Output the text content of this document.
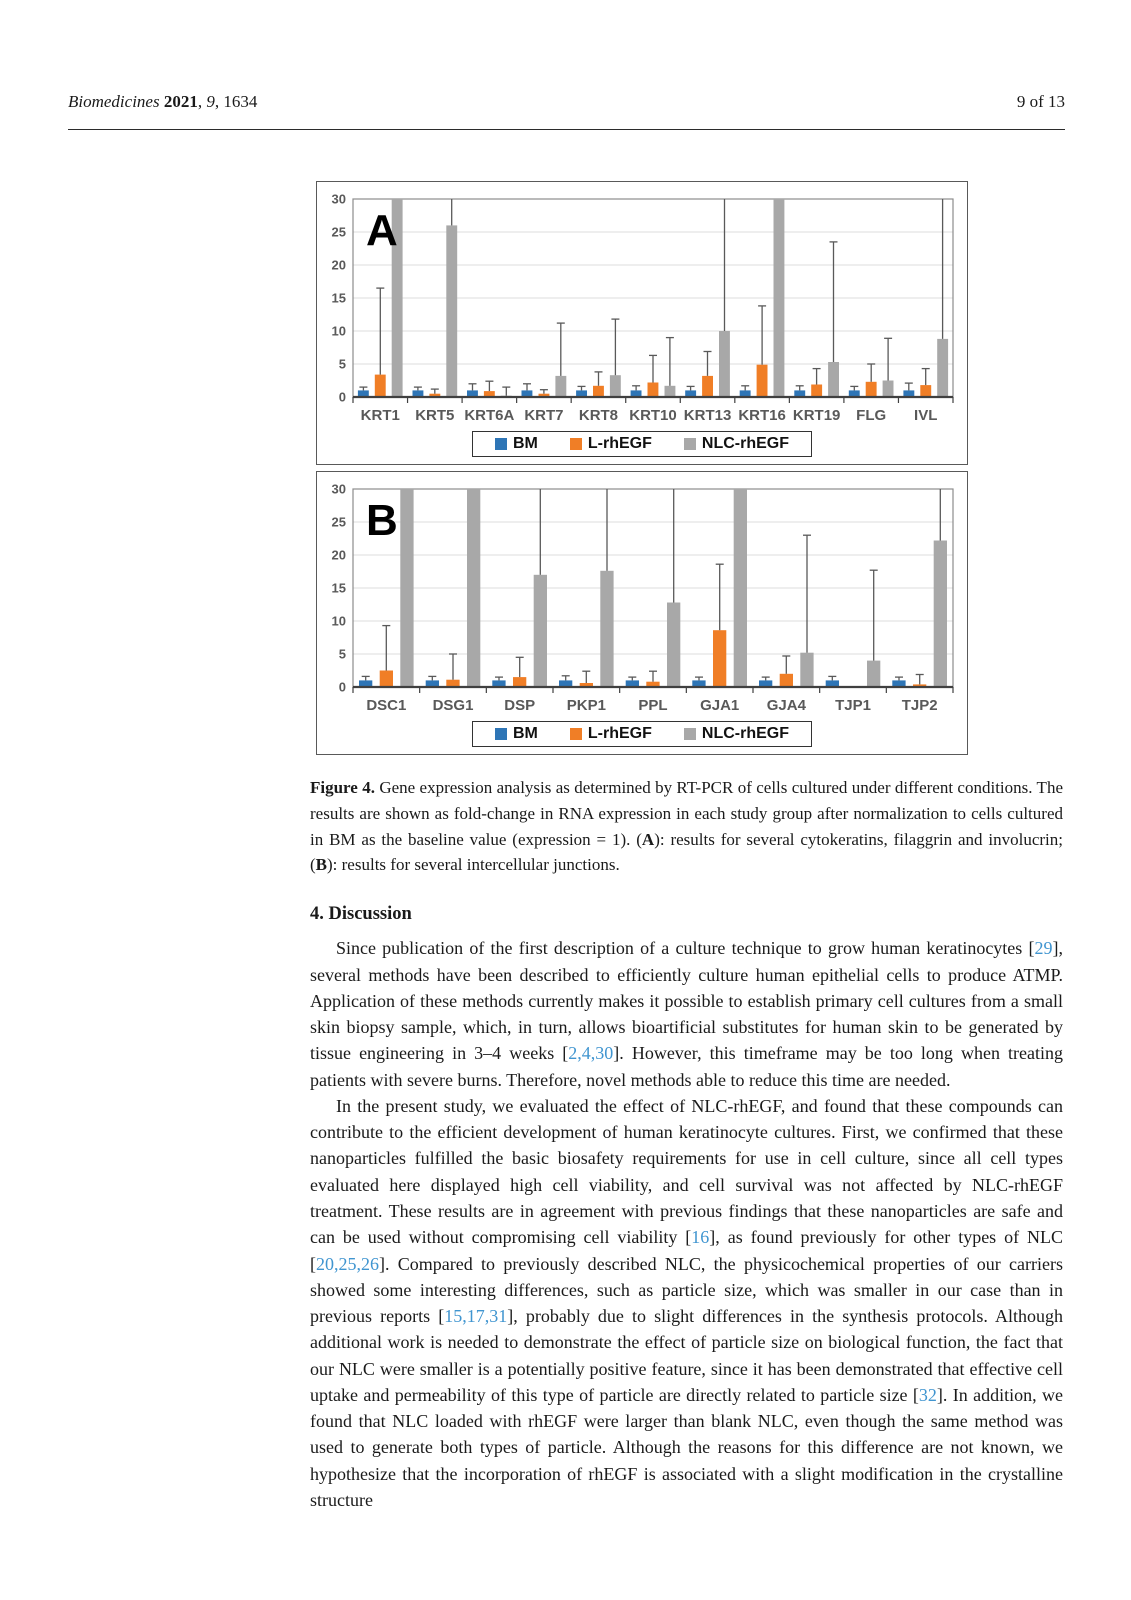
Biomedicines 2021, 9, 1634	9 of 13
0
5
10
15
20
25
30
KRT1 KRT5 KRT6A KRT7 KRT8 KRT10 KRT13 KRT16 KRT19 FLG IVL
A
BM	L-rhEGF	NLC-rhEGF
0
5
10
15
20
25
30
DSC1 DSG1 DSP PKP1 PPL GJA1 GJA4 TJP1 TJP2
B
BM	L-rhEGF	NLC-rhEGF
Figure 4. Gene expression analysis as determined by RT-PCR of cells cultured under different conditions. The results are shown as fold-change in RNA expression in each study group after normalization to cells cultured in BM as the baseline value (expression = 1). (A): results for several cytokeratins, filaggrin and involucrin; (B): results for several intercellular junctions.
4. Discussion

Since publication of the first description of a culture technique to grow human keratinocytes [29], several methods have been described to efficiently culture human epithelial cells to produce ATMP. Application of these methods currently makes it possible to establish primary cell cultures from a small skin biopsy sample, which, in turn, allows bioartificial substitutes for human skin to be generated by tissue engineering in 3–4 weeks [2,4,30]. However, this timeframe may be too long when treating patients with severe burns. Therefore, novel methods able to reduce this time are needed.

In the present study, we evaluated the effect of NLC-rhEGF, and found that these compounds can contribute to the efficient development of human keratinocyte cultures. First, we confirmed that these nanoparticles fulfilled the basic biosafety requirements for use in cell culture, since all cell types evaluated here displayed high cell viability, and cell survival was not affected by NLC-rhEGF treatment. These results are in agreement with previous findings that these nanoparticles are safe and can be used without compromising cell viability [16], as found previously for other types of NLC [20,25,26]. Compared to previously described NLC, the physicochemical properties of our carriers showed some interesting differences, such as particle size, which was smaller in our case than in previous reports [15,17,31], probably due to slight differences in the synthesis protocols. Although additional work is needed to demonstrate the effect of particle size on biological function, the fact that our NLC were smaller is a potentially positive feature, since it has been demonstrated that effective cell uptake and permeability of this type of particle are directly related to particle size [32]. In addition, we found that NLC loaded with rhEGF were larger than blank NLC, even though the same method was used to generate both types of particle. Although the reasons for this difference are not known, we hypothesize that the incorporation of rhEGF is associated with a slight modification in the crystalline structure
